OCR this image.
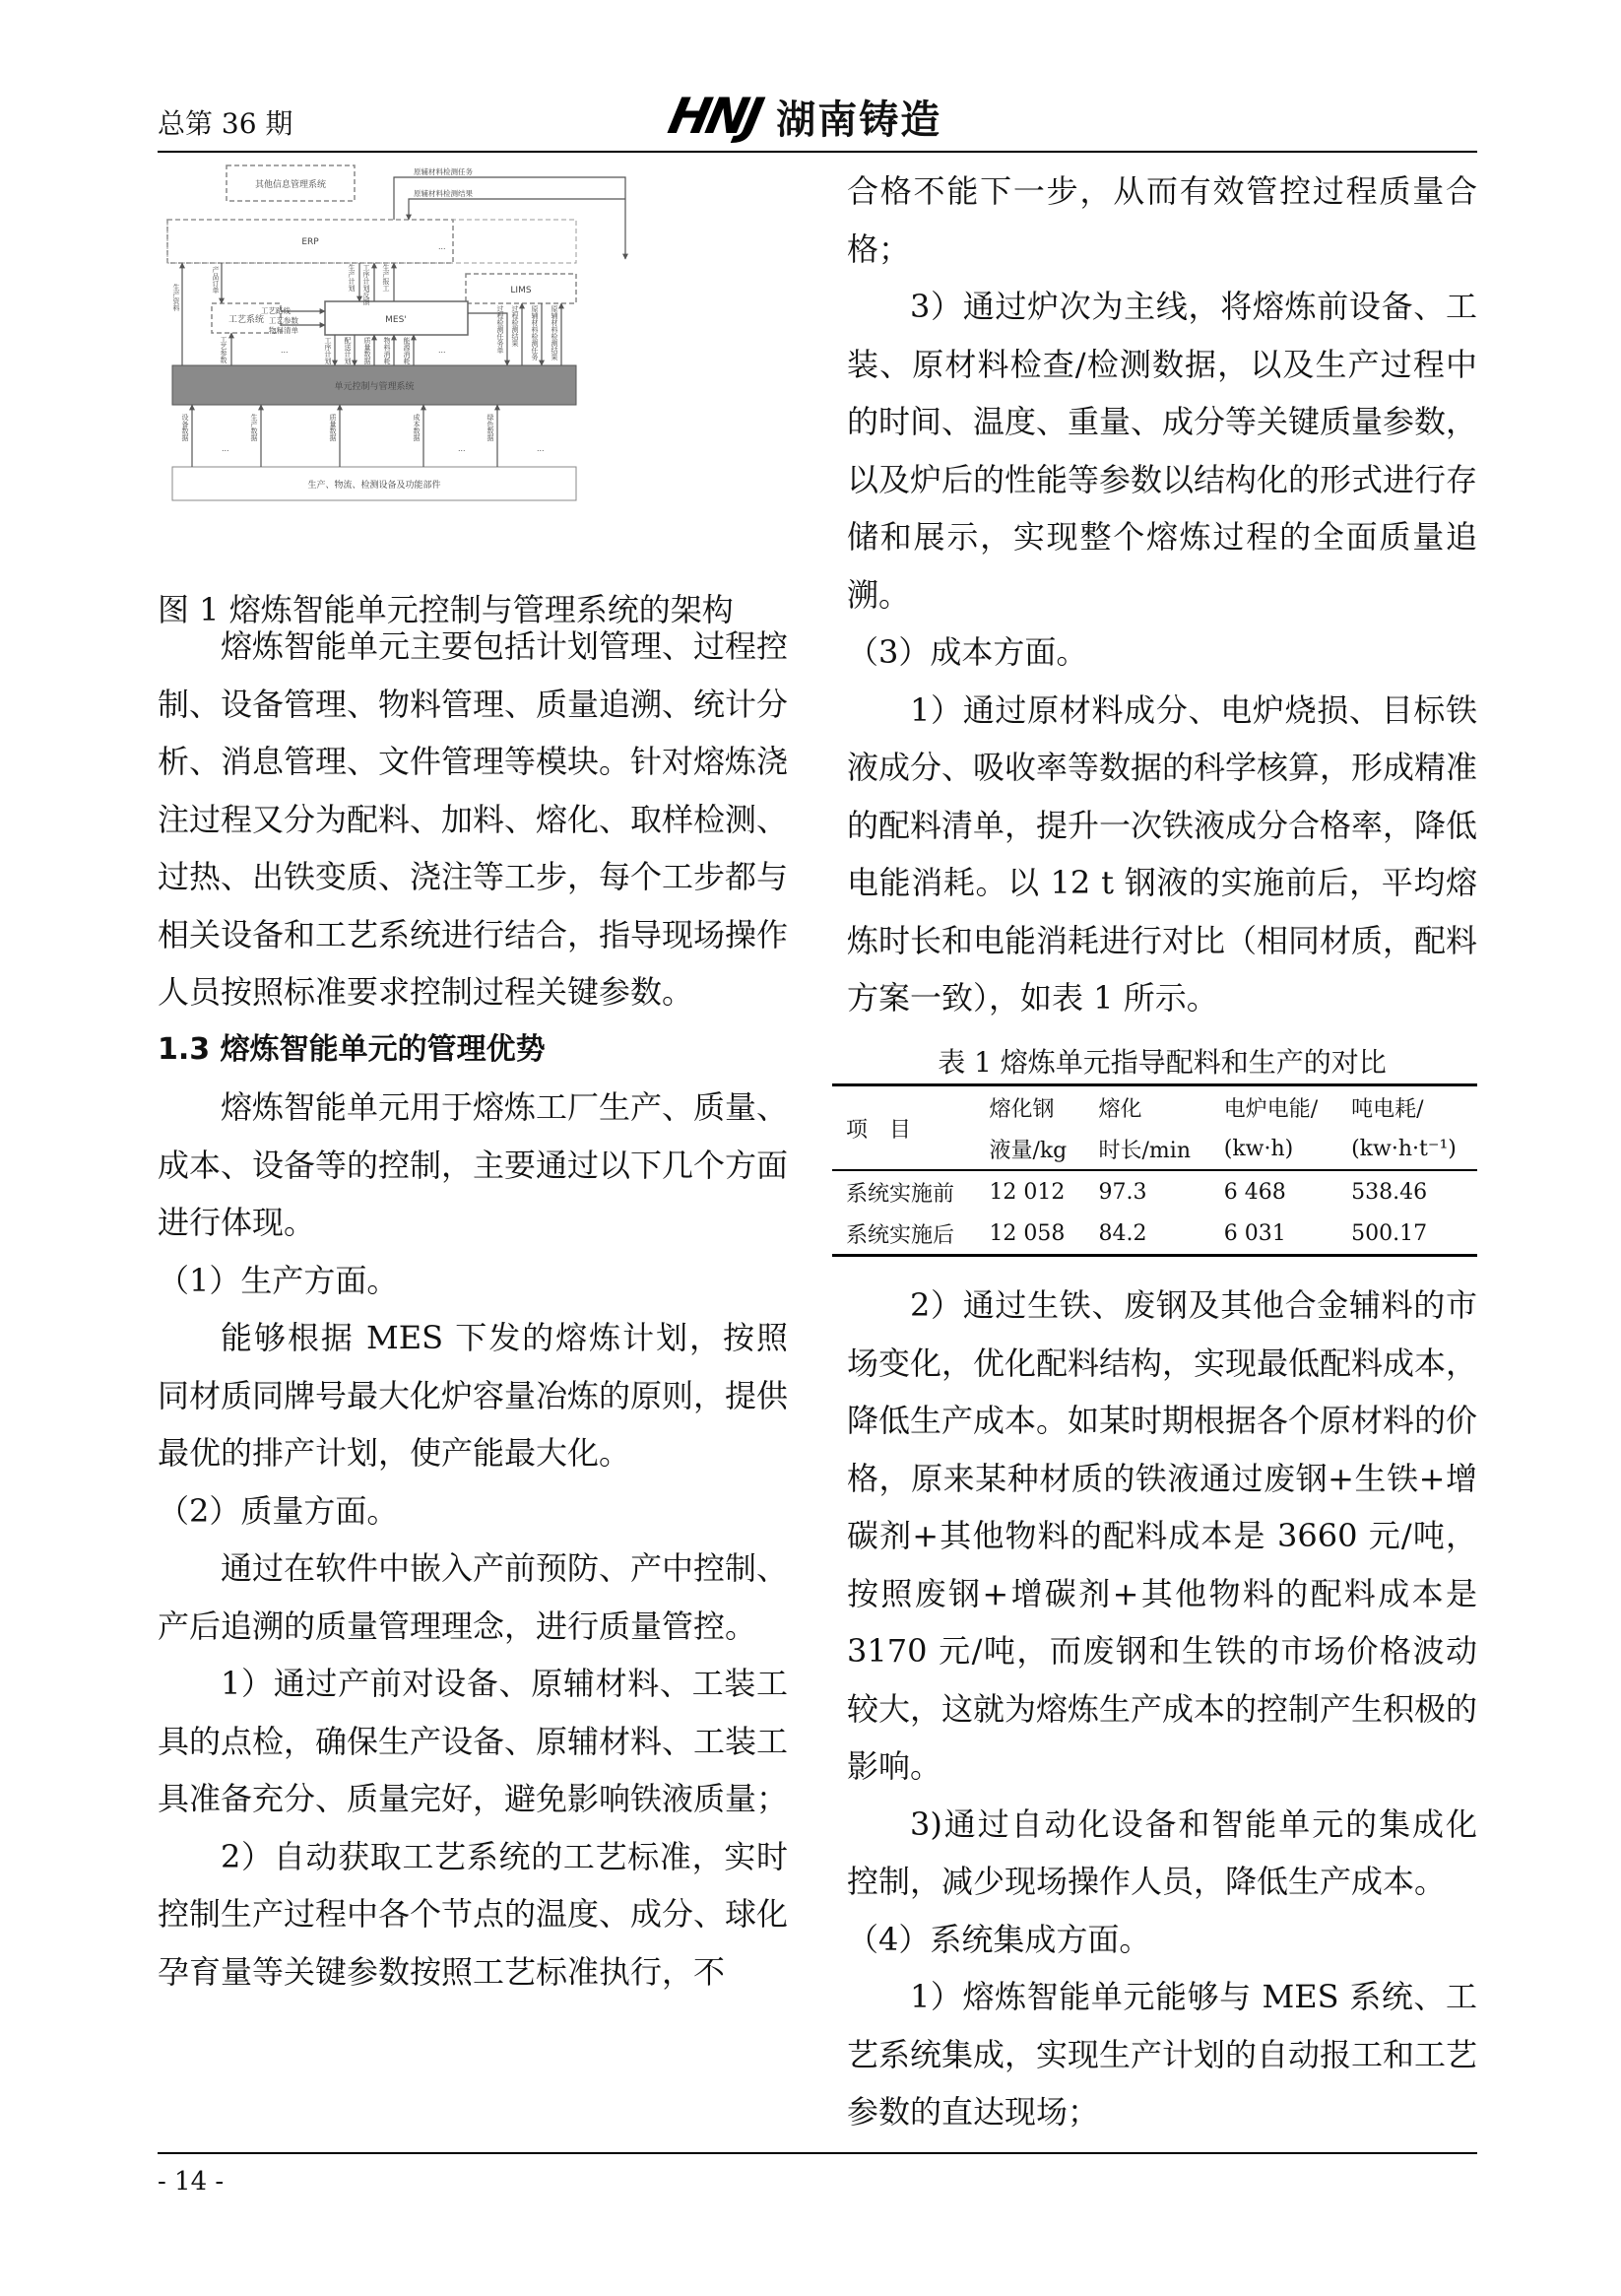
总第 36 期	HNJ 湖南铸造
其他信息管理系统
ERP
工艺系统	MES'
LIMS
单元控制与管理系统
生产、物流、检测设备及功能部件
原辅材料检测任务
原辅材料检测结果
工艺路线
工艺参数
物料清单
…
…	…
…	…	…
产品订单
生产资料
生产计划 工序计划反馈 生产报工
工艺参数	过程检测任务单 过程检测结果 原辅材料检测任务 原辅材料检测结果
工序计划 配送计划 质量数据 物料消耗 能源消耗
设备数据	生产数据	质量数据	成本数据	绿色数据
图 1 熔炼智能单元控制与管理系统的架构

熔炼智能单元主要包括计划管理、过程控制、设备管理、物料管理、质量追溯、统计分析、消息管理、文件管理等模块。针对熔炼浇注过程又分为配料、加料、熔化、取样检测、过热、出铁变质、浇注等工步，每个工步都与相关设备和工艺系统进行结合，指导现场操作人员按照标准要求控制过程关键参数。

1.3 熔炼智能单元的管理优势

熔炼智能单元用于熔炼工厂生产、质量、成本、设备等的控制，主要通过以下几个方面进行体现。

（1）生产方面。

能够根据 MES 下发的熔炼计划，按照同材质同牌号最大化炉容量冶炼的原则，提供最优的排产计划，使产能最大化。

（2）质量方面。

通过在软件中嵌入产前预防、产中控制、产后追溯的质量管理理念，进行质量管控。

1）通过产前对设备、原辅材料、工装工具的点检，确保生产设备、原辅材料、工装工具准备充分、质量完好，避免影响铁液质量；

2）自动获取工艺系统的工艺标准，实时控制生产过程中各个节点的温度、成分、球化孕育量等关键参数按照工艺标准执行，不

合格不能下一步，从而有效管控过程质量合格；

3）通过炉次为主线，将熔炼前设备、工装、原材料检查/检测数据，以及生产过程中的时间、温度、重量、成分等关键质量参数，以及炉后的性能等参数以结构化的形式进行存储和展示，实现整个熔炼过程的全面质量追溯。

（3）成本方面。

1）通过原材料成分、电炉烧损、目标铁液成分、吸收率等数据的科学核算，形成精准的配料清单，提升一次铁液成分合格率，降低电能消耗。以 12 t 钢液的实施前后，平均熔炼时长和电能消耗进行对比（相同材质，配料方案一致），如表 1 所示。

表 1 熔炼单元指导配料和生产的对比
项　目	熔化钢	熔化	电炉电能/	吨电耗/
	液量/kg	时长/min	(kw·h)	(kw·h·t⁻¹)
系统实施前	12 012	97.3	6 468	538.46
系统实施后	12 058	84.2	6 031	500.17

2）通过生铁、废钢及其他合金辅料的市场变化，优化配料结构，实现最低配料成本，降低生产成本。如某时期根据各个原材料的价格，原来某种材质的铁液通过废钢+生铁+增碳剂+其他物料的配料成本是 3660 元/吨，按照废钢+增碳剂+其他物料的配料成本是 3170 元/吨，而废钢和生铁的市场价格波动较大，这就为熔炼生产成本的控制产生积极的影响。

3)通过自动化设备和智能单元的集成化控制，减少现场操作人员，降低生产成本。

（4）系统集成方面。

1）熔炼智能单元能够与 MES 系统、工艺系统集成，实现生产计划的自动报工和工艺参数的直达现场；

- 14 -
